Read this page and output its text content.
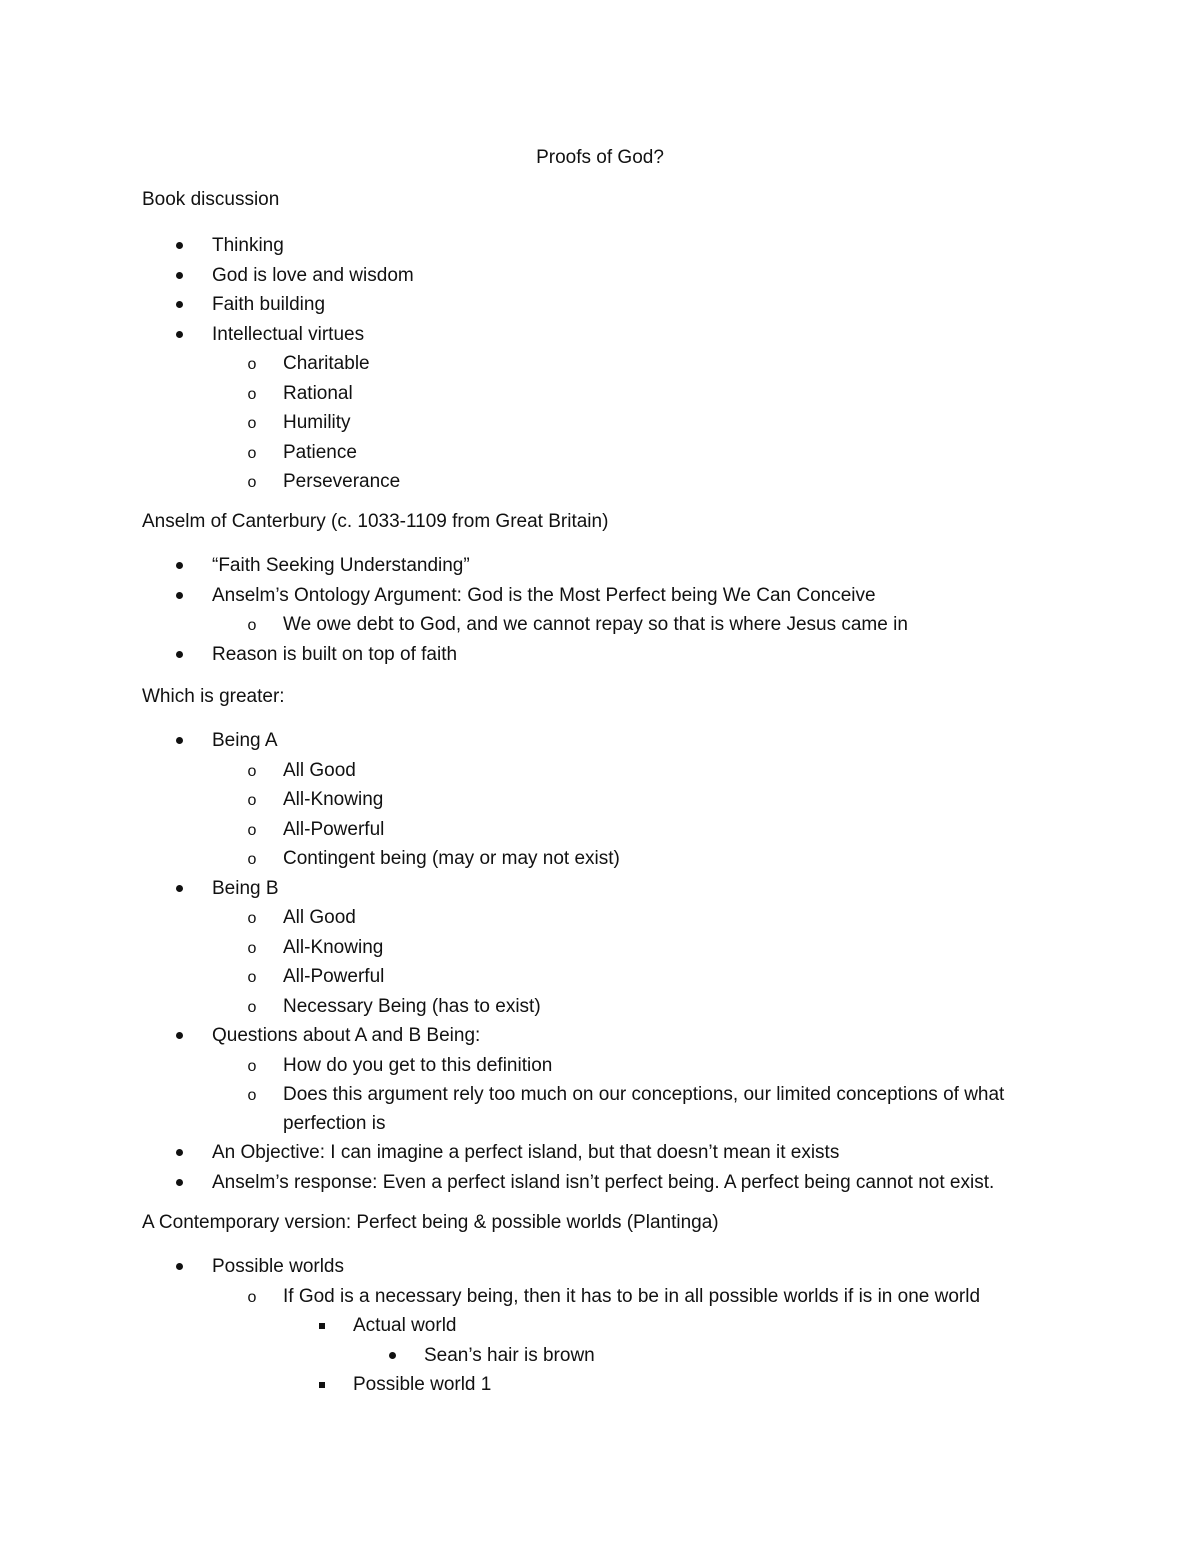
Proofs of God?

Book discussion

Thinking
God is love and wisdom
Faith building
Intellectual virtues
o Charitable
o Rational
o Humility
o Patience
o Perseverance

Anselm of Canterbury (c. 1033-1109 from Great Britain)

“Faith Seeking Understanding”
Anselm’s Ontology Argument: God is the Most Perfect being We Can Conceive
o We owe debt to God, and we cannot repay so that is where Jesus came in
Reason is built on top of faith

Which is greater:

Being A
o All Good
o All-Knowing
o All-Powerful
o Contingent being (may or may not exist)
Being B
o All Good
o All-Knowing
o All-Powerful
o Necessary Being (has to exist)
Questions about A and B Being:
o How do you get to this definition
o Does this argument rely too much on our conceptions, our limited conceptions of what perfection is
An Objective: I can imagine a perfect island, but that doesn’t mean it exists
Anselm’s response: Even a perfect island isn’t perfect being. A perfect being cannot not exist.

A Contemporary version: Perfect being & possible worlds (Plantinga)

Possible worlds
o If God is a necessary being, then it has to be in all possible worlds if is in one world
Actual world
Sean’s hair is brown
Possible world 1
